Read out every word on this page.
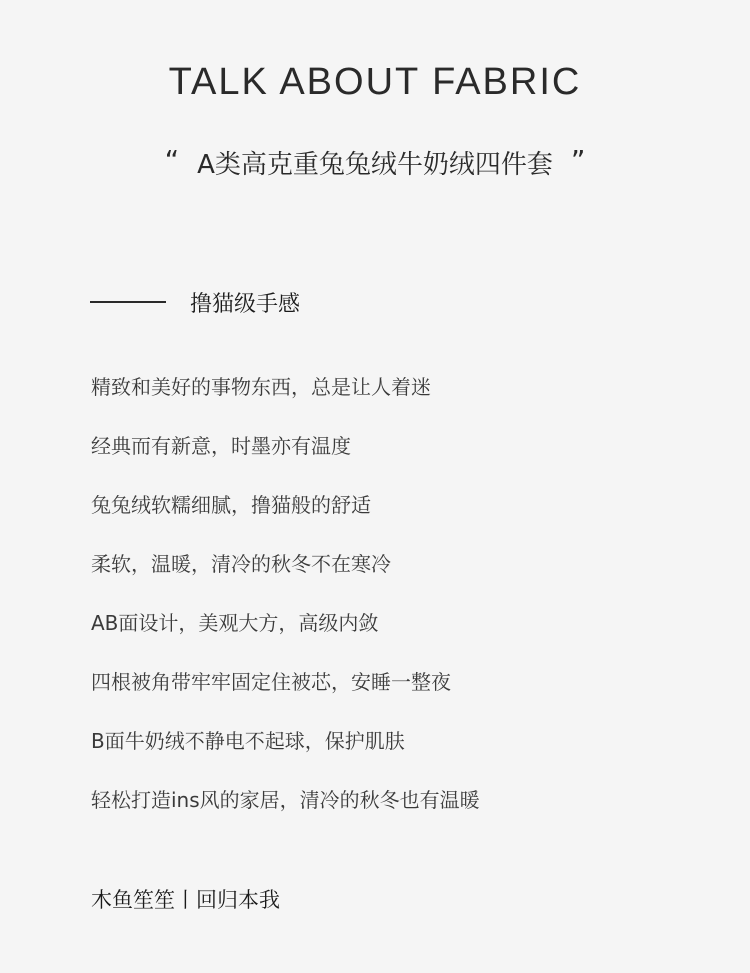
TALK ABOUT FABRIC
“ A类高克重兔兔绒牛奶绒四件套 ”
撸猫级手感
精致和美好的事物东西，总是让人着迷
经典而有新意，时墨亦有温度
兔兔绒软糯细腻，撸猫般的舒适
柔软，温暖，清冷的秋冬不在寒冷
AB面设计，美观大方，高级内敛
四根被角带牢牢固定住被芯，安睡一整夜
B面牛奶绒不静电不起球，保护肌肤
轻松打造ins风的家居，清冷的秋冬也有温暖
木鱼笙笙丨回归本我
